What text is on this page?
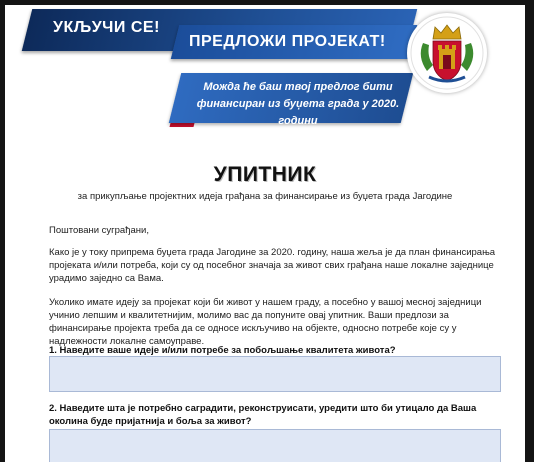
УКЉУЧИ СЕ!
ПРЕДЛОЖИ ПРОЈЕКАТ!
Можда ће баш твој предлог бити
финансиран из буџета града у 2020. години
УПИТНИК
за прикупљање пројектних идеја грађана за финансирање из буџета града Јагодине
Поштовани суграђани,
Како је у току припрема буџета града Јагодине за 2020. годину, наша жеља је да план финансирања пројеката и/или потреба, који су од посебног значаја за живот свих грађана наше локалне заједнице урадимо заједно са Вама.
Уколико имате идеју за пројекат који би живот у нашем граду, а посебно у вашој месној заједници учинио лепшим и квалитетнијим, молимо вас да попуните овај упитник. Ваши предлози за финансирање пројекта треба да се односе искључиво на објекте, односно потребе које су у надлежности локалне самоуправе.
1. Наведите ваше идеје и/или потребе за побољшање квалитета живота?
2. Наведите шта је потребно саградити, реконструисати, уредити што би утицало да Ваша околина буде пријатнија и боља за живот?
